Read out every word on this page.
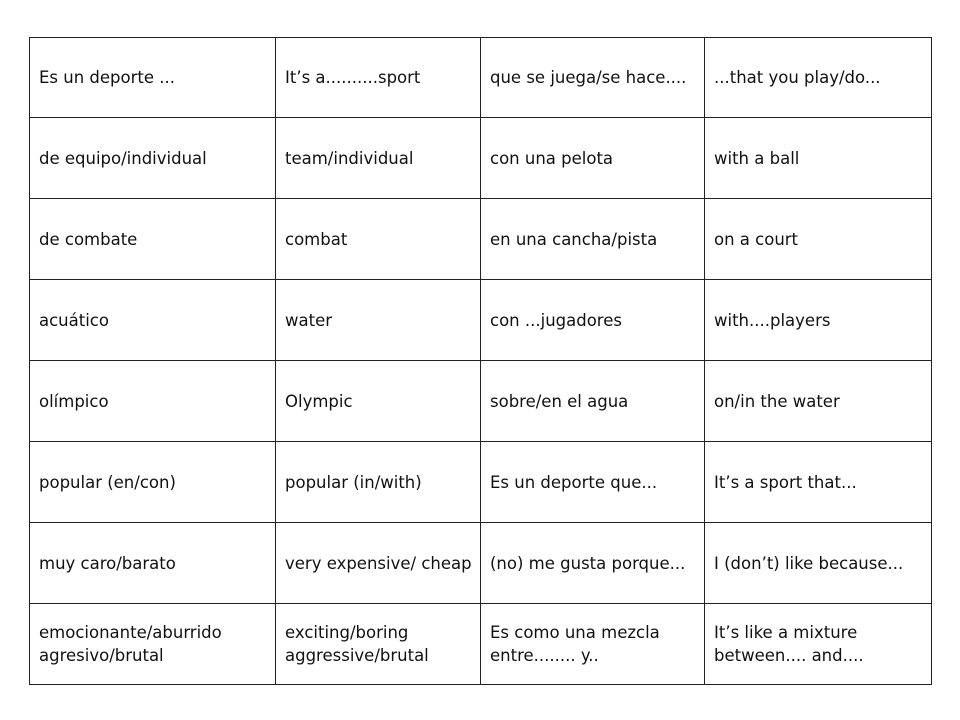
Es un deporte ...	It’s a..........sport	que se juega/se hace....	...that you play/do...
de equipo/individual	team/individual	con una pelota	with a ball
de combate	combat	en una cancha/pista	on a court
acuático	water	con ...jugadores	with....players
olímpico	Olympic	sobre/en el agua	on/in the water
popular (en/con)	popular (in/with)	Es un deporte que...	It’s a sport that...
muy caro/barato	very expensive/ cheap	(no) me gusta porque...	I (don’t) like because...
emocionante/aburrido agresivo/brutal	exciting/boring aggressive/brutal	Es como una mezcla entre........ y..	It’s like a mixture between.... and....
